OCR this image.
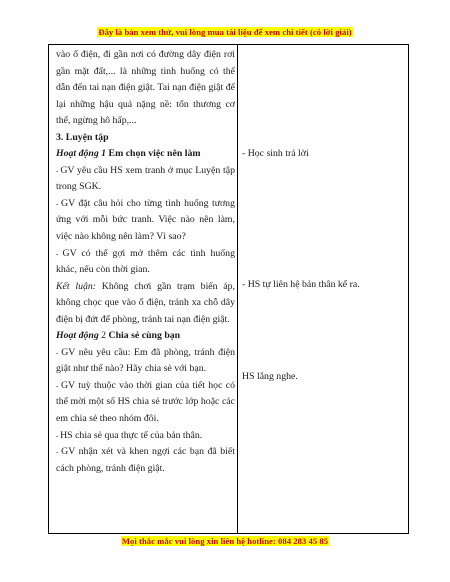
Đây là bản xem thử, vui lòng mua tài liệu để xem chi tiết (có lời giải)

vào ổ điện, đi gần nơi có đường dây điện rơi gần mặt đất,... là những tình huống có thể dẫn đến tai nạn điện giật. Tai nạn điện giật để lại những hậu quả nặng nề: tổn thương cơ thể, ngừng hô hấp,...

3. Luyện tập

Hoạt động 1 Em chọn việc nên làm

- GV yêu cầu HS xem tranh ở mục Luyện tập trong SGK.

- GV đặt câu hỏi cho từng tình huống tương ứng với mỗi bức tranh. Việc nào nên làm, việc nào không nên làm? Vì sao?

- GV có thể gợi mở thêm các tình huống khác, nếu còn thời gian.

Kết luận: Không chơi gần trạm biến áp, không chọc que vào ổ điện, tránh xa chỗ dây điện bị đứt để phòng, tránh tai nạn điện giật.

Hoạt động 2 Chia sẻ cùng bạn

- GV nêu yêu cầu: Em đã phòng, tránh điện giật như thế nào? Hãy chia sẻ với bạn.

- GV tuỳ thuộc vào thời gian của tiết học có thể mời một số HS chia sẻ trước lớp hoặc các em chia sẻ theo nhóm đôi.

- HS chia sẻ qua thực tế của bản thân.

- GV nhận xét và khen ngợi các bạn đã biết cách phòng, tránh điện giật.

- Học sinh trả lời
- HS tự liên hệ bản thân kể ra.
HS lắng nghe.
Mọi thắc mắc vui lòng xin liên hệ hotline: 084 283 45 85
